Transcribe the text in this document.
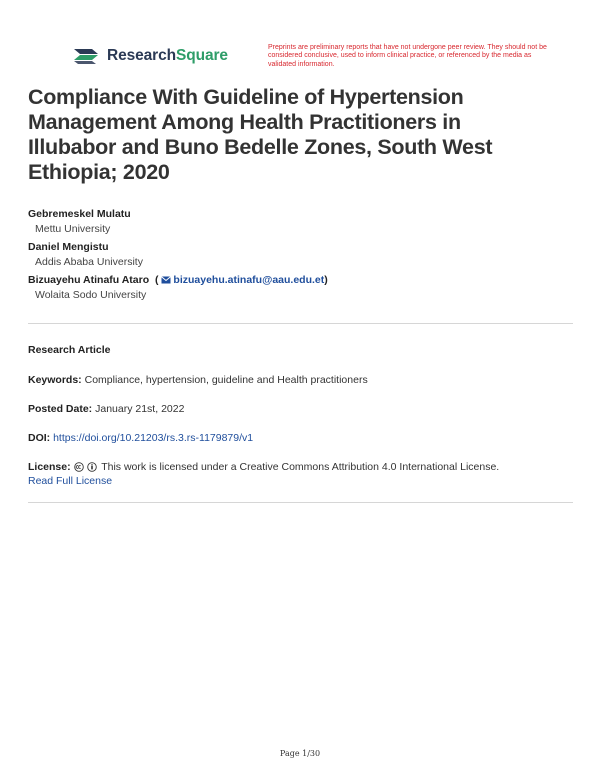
ResearchSquare	Preprints are preliminary reports that have not undergone peer review. They should not be considered conclusive, used to inform clinical practice, or referenced by the media as validated information.
Compliance With Guideline of Hypertension Management Among Health Practitioners in Illubabor and Buno Bedelle Zones, South West Ethiopia; 2020
Gebremeskel Mulatu
Mettu University
Daniel Mengistu
Addis Ababa University
Bizuayehu Atinafu Ataro  ( bizuayehu.atinafu@aau.edu.et)
Wolaita Sodo University
Research Article
Keywords: Compliance, hypertension, guideline and Health practitioners
Posted Date: January 21st, 2022
DOI: https://doi.org/10.21203/rs.3.rs-1179879/v1
License:	This work is licensed under a Creative Commons Attribution 4.0 International License.
Read Full License
Page 1/30
